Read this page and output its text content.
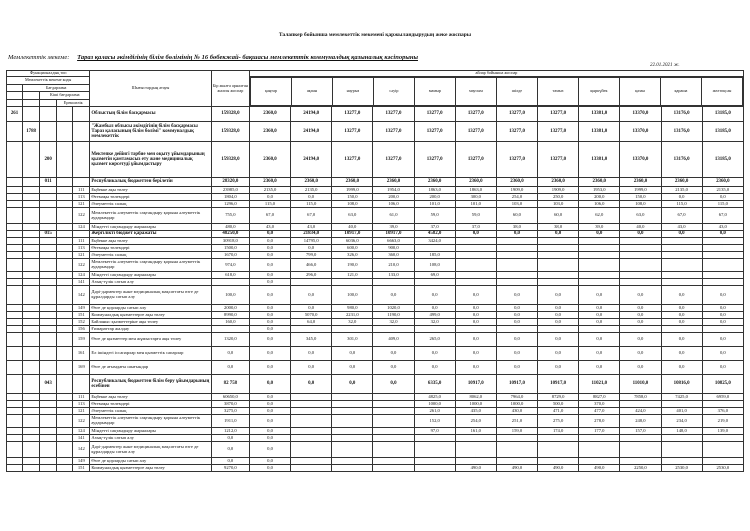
Талапкер бойынша мемлекеттік мекемені қаржыландырудың жеке жоспары
Мемлекеттік мекеме: Тараз қаласы әкімдігінің білім бөлімінің № 16 бөбекжай- бақшасы мемлекеттік коммуналдық қазыналық кәсіпорыны
22.01.2021 ж.
Функционалдық топ	Шығыстардың атауы	Бір жылға арналған жалпы жоспар	айлар бойынша жоспар
Мемлекеттік мекеме коды	
қаңтар	ақпан	наурыз	сәуір	мамыр	маусым	шілде	тамыз	қыркүйек	қазан	қараша	желтоқсан

	Бағдарлама
		Кіші бағдарлама
			Ерекшелік
261					Облыстың білім басқармасы	159328,0	2360,0	24194,0	13277,0	13277,0	13277,0	13277,0	13277,0	13277,0	13381,0	13370,0	13176,0	13185,0
	1788				"Жамбыл облысы әкімдігінің білім басқармасы Тараз қаласының білім бөлімі" коммуналдық мемлекеттік	159328,0	2360,0	24194,0	13277,0	13277,0	13277,0	13277,0	13277,0	13277,0	13381,0	13370,0	13176,0	13185,0
		200			Мектепке дейінгі тәрбие мен оқыту ұйымдарының қызметін қамтамасыз ету және медициналық қызмет көрсетуді ұйымдастыру	159328,0	2360,0	24194,0	13277,0	13277,0	13277,0	13277,0	13277,0	13277,0	13381,0	13370,0	13176,0	13185,0
		011			Республикалық бюджеттен берілетін	28320,0	2360,0	2360,0	2360,0	2360,0	2360,0	2360,0	2360,0	2360,0	2360,0	2360,0	2360,0	2360,0
				111	Еңбекке ақы төлеу	23985,0	2135,0	2135,0	1999,0	1954,0	1863,0	1863,0	1909,0	1909,0	1953,0	1999,0	2135,0	2135,0
				113	Өтемақы төлемдері	1804,0	0,0	0,0	150,0	200,0	200,0	300,0	254,0	250,0	200,0	150,0	0,0	0,0
				121	Әлеуметтік салық	1296,0	115,0	115,0	108,0	106,0	101,0	101,0	103,0	103,0	106,0	108,0	115,0	115,0
				122	Мемлекеттік әлеуметтік сақтандыру қорына әлеуметтік аударымдар	755,0	67,0	67,0	63,0	61,0	59,0	59,0	60,0	60,0	62,0	63,0	67,0	67,0
				124	Міндетті сақтандыру жарналары	480,0	43,0	43,0	40,0	39,0	37,0	37,0	38,0	38,0	39,0	40,0	43,0	43,0
		015			Жергілікті бюджет қаражаты	48250,0	0,0	21834,0	10917,0	10917,0	4582,0	0,0	0,0	0,0	0,0	0,0	0,0	0,0
				111	Еңбекке ақы төлеу	30918,0	0,0	14795,0	6036,0	6663,0	3424,0							
				113	Өтемақы төлемдері	1500,0	0,0	0,0	600,0	900,0								
				121	Әлеуметтік салық	1670,0	0,0	799,0	326,0	360,0	185,0							
				122	Мемлекеттік әлеуметтік сақтандыру қорына әлеуметтік аударымдар	974,0	0,0	466,0	190,0	210,0	108,0							
				124	Міндетті сақтандыру жарналары	618,0	0,0	296,0	121,0	133,0	69,0							
				141	Азық-түлік сатып алу		0,0											
				142	Дәрі-дәрмектер және медициналық мақсаттағы өзге де құралдарды сатып алу	100,0	0,0	0,0	100,0	0,0	0,0	0,0	0,0	0,0	0,0	0,0	0,0	0,0
				149	Өзге де қорларды сатып алу	2000,0	0,0	0,0	980,0	1020,0	0,0	0,0	0,0	0,0	0,0	0,0	0,0	0,0
				151	Коммуналдық қызметтерге ақы төлеу	8990,0	0,0	5070,0	2231,0	1190,0	499,0	0,0	0,0	0,0	0,0	0,0	0,0	0,0
				152	Байланыс қызметтеріне ақы төлеу	160,0	0,0	64,0	32,0	32,0	32,0	0,0	0,0	0,0	0,0	0,0	0,0	0,0
				156	Ғимараттар жалдау		0,0											
				159	Өзге де қызметтер мен жұмыстарға ақы төлеу	1320,0	0,0	345,0	301,0	409,0	265,0	0,0	0,0	0,0	0,0	0,0	0,0	0,0
				161	Ел ішіндегі іссапарлар мен қызметтік сапарлар	0,0	0,0	0,0	0,0	0,0	0,0	0,0	0,0	0,0	0,0	0,0	0,0	0,0
				169	Өзге де ағымдағы шығындар	0,0	0,0	0,0	0,0	0,0	0,0	0,0	0,0	0,0	0,0	0,0	0,0	0,0
		043			Республикалық бюджеттен білім беру ұйымдарының есебінен	82 758	0,0	0,0	0,0	0,0	6335,0	10917,0	10917,0	10917,0	11021,0	11010,0	10816,0	10825,0
				111	Еңбекке ақы төлеу	60650,0	0,0				4825,0	8062,0	7964,0	8729,0	8827,0	7858,0	7425,0	6959,0
				113	Өтемақы төлемдері	3870,0	0,0				1000,0	1000,0	1000,0	500,0	370,0			
				121	Әлеуметтік салық	3275,0	0,0				261,0	435,0	430,0	471,0	477,0	424,0	401,0	376,0
				122	Мемлекеттік әлеуметтік сақтандыру қорына әлеуметтік аударымдар	1911,0	0,0				152,0	254,0	251,0	275,0	278,0	248,0	234,0	219,0
				124	Міндетті сақтандыру жарналары	1212,0	0,0				97,0	161,0	159,0	174,0	177,0	157,0	148,0	139,0
				141	Азық-түлік сатып алу	0,0	0,0											
				142	Дәрі-дәрмектер және медициналық мақсаттағы өзге де құралдарды сатып алу	0,0	0,0											
				149	Өзге де қорларды сатып алу	0,0	0,0											
				151	Коммуналдық қызметтерге ақы төлеу	9270,0	0,0					490,0	490,0	490,0	490,0	2250,0	2530,0	2530,0
